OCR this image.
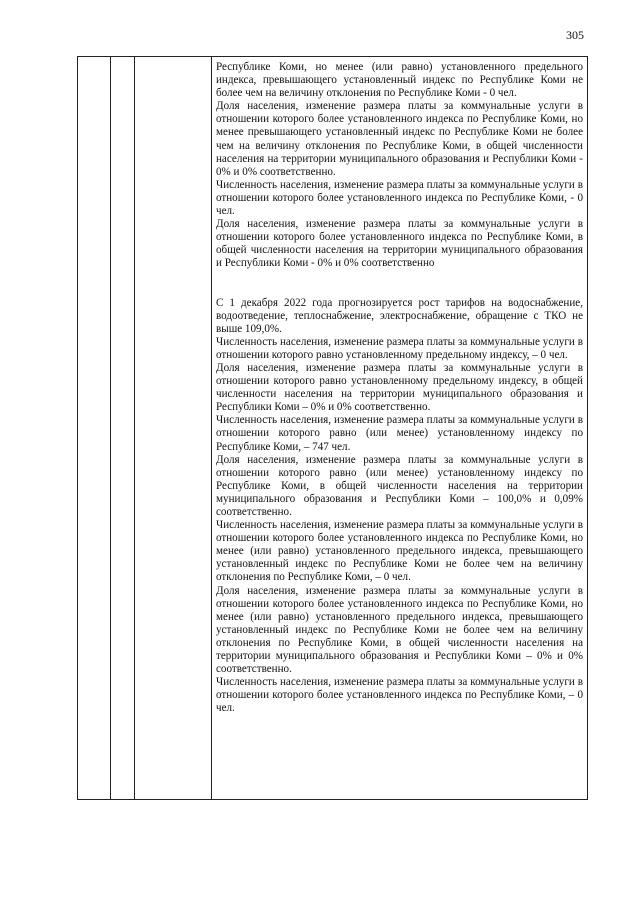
305

Республике Коми, но менее (или равно) установленного предельного индекса, превышающего установленный индекс по Республике Коми не более чем на величину отклонения по Республике Коми - 0 чел.

Доля населения, изменение размера платы за коммунальные услуги в отношении которого более установленного индекса по Республике Коми, но менее превышающего установленный индекс по Республике Коми не более чем на величину отклонения по Республике Коми, в общей численности населения на территории муниципального образования и Республики Коми - 0% и 0% соответственно.

Численность населения, изменение размера платы за коммунальные услуги в отношении которого более установленного индекса по Республике Коми, - 0 чел.

Доля населения, изменение размера платы за коммунальные услуги в отношении которого более установленного индекса по Республике Коми, в общей численности населения на территории муниципального образования и Республики Коми - 0% и 0% соответственно

С 1 декабря 2022 года прогнозируется рост тарифов на водоснабжение, водоотведение, теплоснабжение, электроснабжение, обращение с ТКО не выше 109,0%.

Численность населения, изменение размера платы за коммунальные услуги в отношении которого равно установленному предельному индексу, – 0 чел.

Доля населения, изменение размера платы за коммунальные услуги в отношении которого равно установленному предельному индексу, в общей численности населения на территории муниципального образования и Республики Коми – 0% и 0% соответственно.

Численность населения, изменение размера платы за коммунальные услуги в отношении которого равно (или менее) установленному индексу по Республике Коми, – 747 чел.

Доля населения, изменение размера платы за коммунальные услуги в отношении которого равно (или менее) установленному индексу по Республике Коми, в общей численности населения на территории муниципального образования и Республики Коми – 100,0% и 0,09% соответственно.

Численность населения, изменение размера платы за коммунальные услуги в отношении которого более установленного индекса по Республике Коми, но менее (или равно) установленного предельного индекса, превышающего установленный индекс по Республике Коми не более чем на величину отклонения по Республике Коми, – 0 чел.

Доля населения, изменение размера платы за коммунальные услуги в отношении которого более установленного индекса по Республике Коми, но менее (или равно) установленного предельного индекса, превышающего установленный индекс по Республике Коми не более чем на величину отклонения по Республике Коми, в общей численности населения на территории муниципального образования и Республики Коми – 0% и 0% соответственно.

Численность населения, изменение размера платы за коммунальные услуги в отношении которого более установленного индекса по Республике Коми, – 0 чел.
